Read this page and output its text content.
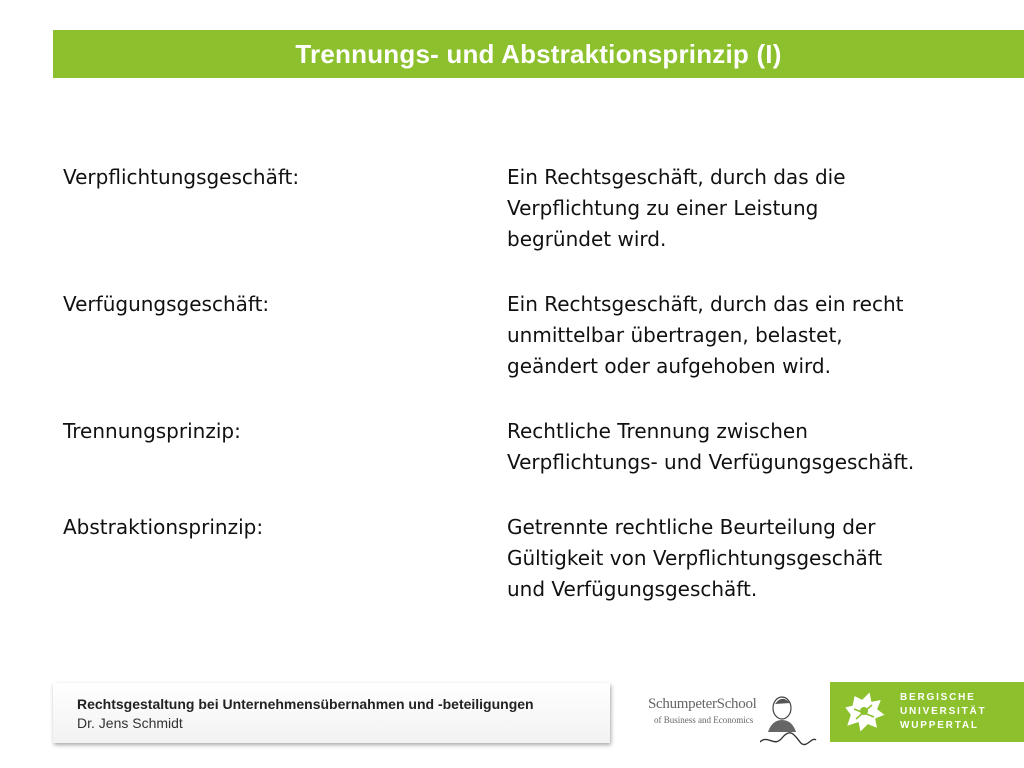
Trennungs- und Abstraktionsprinzip (I)
Verpflichtungsgeschäft:	Ein Rechtsgeschäft, durch das die
Verpflichtung zu einer Leistung
begründet wird.
Verfügungsgeschäft:	Ein Rechtsgeschäft, durch das ein recht
unmittelbar übertragen, belastet,
geändert oder aufgehoben wird.
Trennungsprinzip:	Rechtliche Trennung zwischen
Verpflichtungs- und Verfügungsgeschäft.
Abstraktionsprinzip:	Getrennte rechtliche Beurteilung der
Gültigkeit von Verpflichtungsgeschäft
und Verfügungsgeschäft.
Rechtsgestaltung bei Unternehmensübernahmen und -beteiligungen
Dr. Jens Schmidt
SchumpeterSchool
of Business and Economics
BERGISCHE
UNIVERSITÄT
WUPPERTAL
